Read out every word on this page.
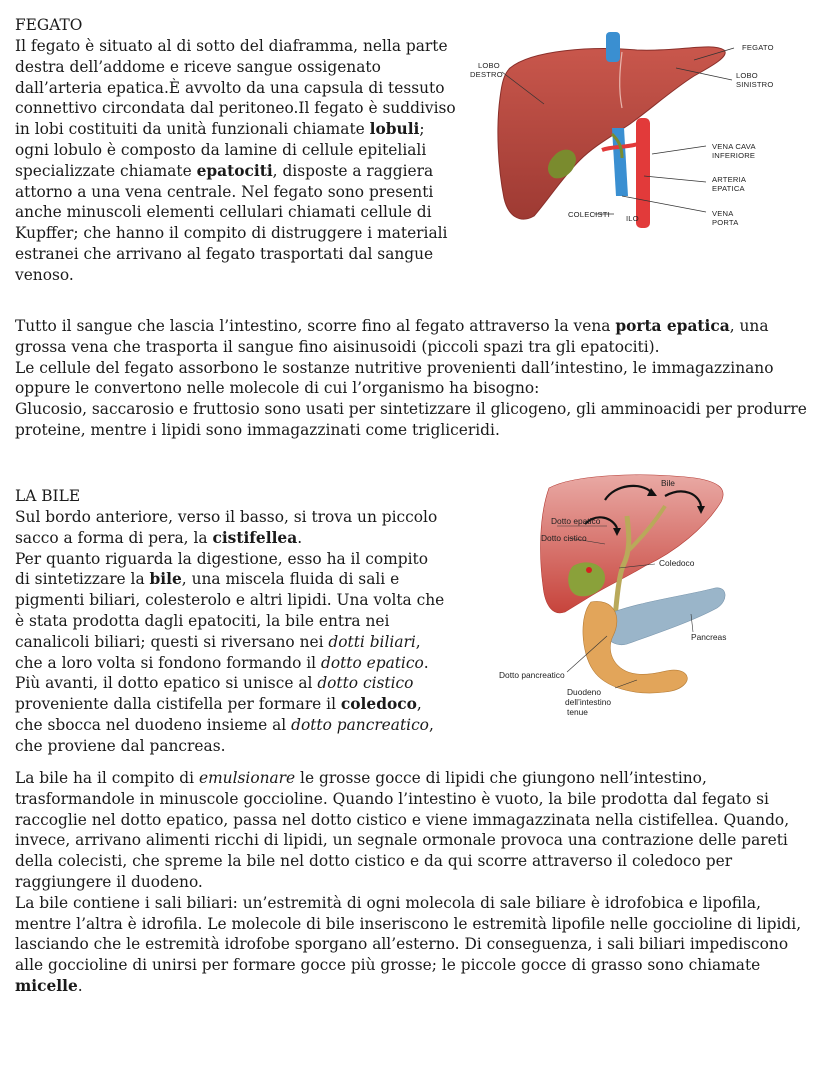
FEGATO

Il fegato è situato al di sotto del diaframma, nella parte destra dell’addome e riceve sangue ossigenato dall’arteria epatica.È avvolto da una capsula di tessuto connettivo circondata dal peritoneo.Il fegato è suddiviso in lobi costituiti da unità funzionali chiamate lobuli; ogni lobulo è composto da lamine di cellule epiteliali specializzate chiamate epatociti, disposte a raggiera attorno a una vena centrale. Nel fegato sono presenti anche minuscoli elementi cellulari chiamati cellule di Kupffer; che hanno il compito di distruggere i materiali estranei che arrivano al fegato trasportati dal sangue venoso.

Tutto il sangue che lascia l’intestino, scorre fino al fegato attraverso la vena porta epatica, una grossa vena che trasporta il sangue fino aisinusoidi (piccoli spazi tra gli epatociti).
Le cellule del fegato assorbono le sostanze nutritive provenienti dall’intestino, le immagazzinano oppure le convertono nelle molecole di cui l’organismo ha bisogno:
Glucosio, saccarosio e fruttosio sono usati per sintetizzare il glicogeno, gli amminoacidi per produrre proteine, mentre i lipidi sono immagazzinati come trigliceridi.

FEGATO
LOBO
DESTRO	LOBO
SINISTRO
VENA CAVA
INFERIORE
ARTERIA
EPATICA
VENA
PORTA
COLECISTI ILO

LA BILE

Sul bordo anteriore, verso il basso, si trova un piccolo sacco a forma di pera, la cistifellea.
Per quanto riguarda la digestione, esso ha il compito di sintetizzare la bile, una miscela fluida di sali e pigmenti biliari, colesterolo e altri lipidi. Una volta che è stata prodotta dagli epatociti, la bile entra nei canalicoli biliari; questi si riversano nei dotti biliari, che a loro volta si fondono formando il dotto epatico. Più avanti, il dotto epatico si unisce al dotto cistico proveniente dalla cistifella per formare il coledoco, che sbocca nel duodeno insieme al dotto pancreatico, che proviene dal pancreas.

La bile ha il compito di emulsionare le grosse gocce di lipidi che giungono nell’intestino, trasformandole in minuscole goccioline. Quando l’intestino è vuoto, la bile prodotta dal fegato si raccoglie nel dotto epatico, passa nel dotto cistico e viene immagazzinata nella cistifellea. Quando, invece, arrivano alimenti ricchi di lipidi, un segnale ormonale provoca una contrazione delle pareti della colecisti, che spreme la bile nel dotto cistico e da qui scorre attraverso il coledoco per raggiungere il duodeno.
La bile contiene i sali biliari: un’estremità di ogni molecola di sale biliare è idrofobica e lipofila, mentre l’altra è idrofila. Le molecole di bile inseriscono le estremità lipofile nelle goccioline di lipidi, lasciando che le estremità idrofobe sporgano all’esterno. Di conseguenza, i sali biliari impediscono alle goccioline di unirsi per formare gocce più grosse; le piccole gocce di grasso sono chiamate micelle.

Bile
Dotto epatico
Dotto cistico
Coledoco
Pancreas
Dotto pancreatico
Duodeno
dell’intestino
tenue
